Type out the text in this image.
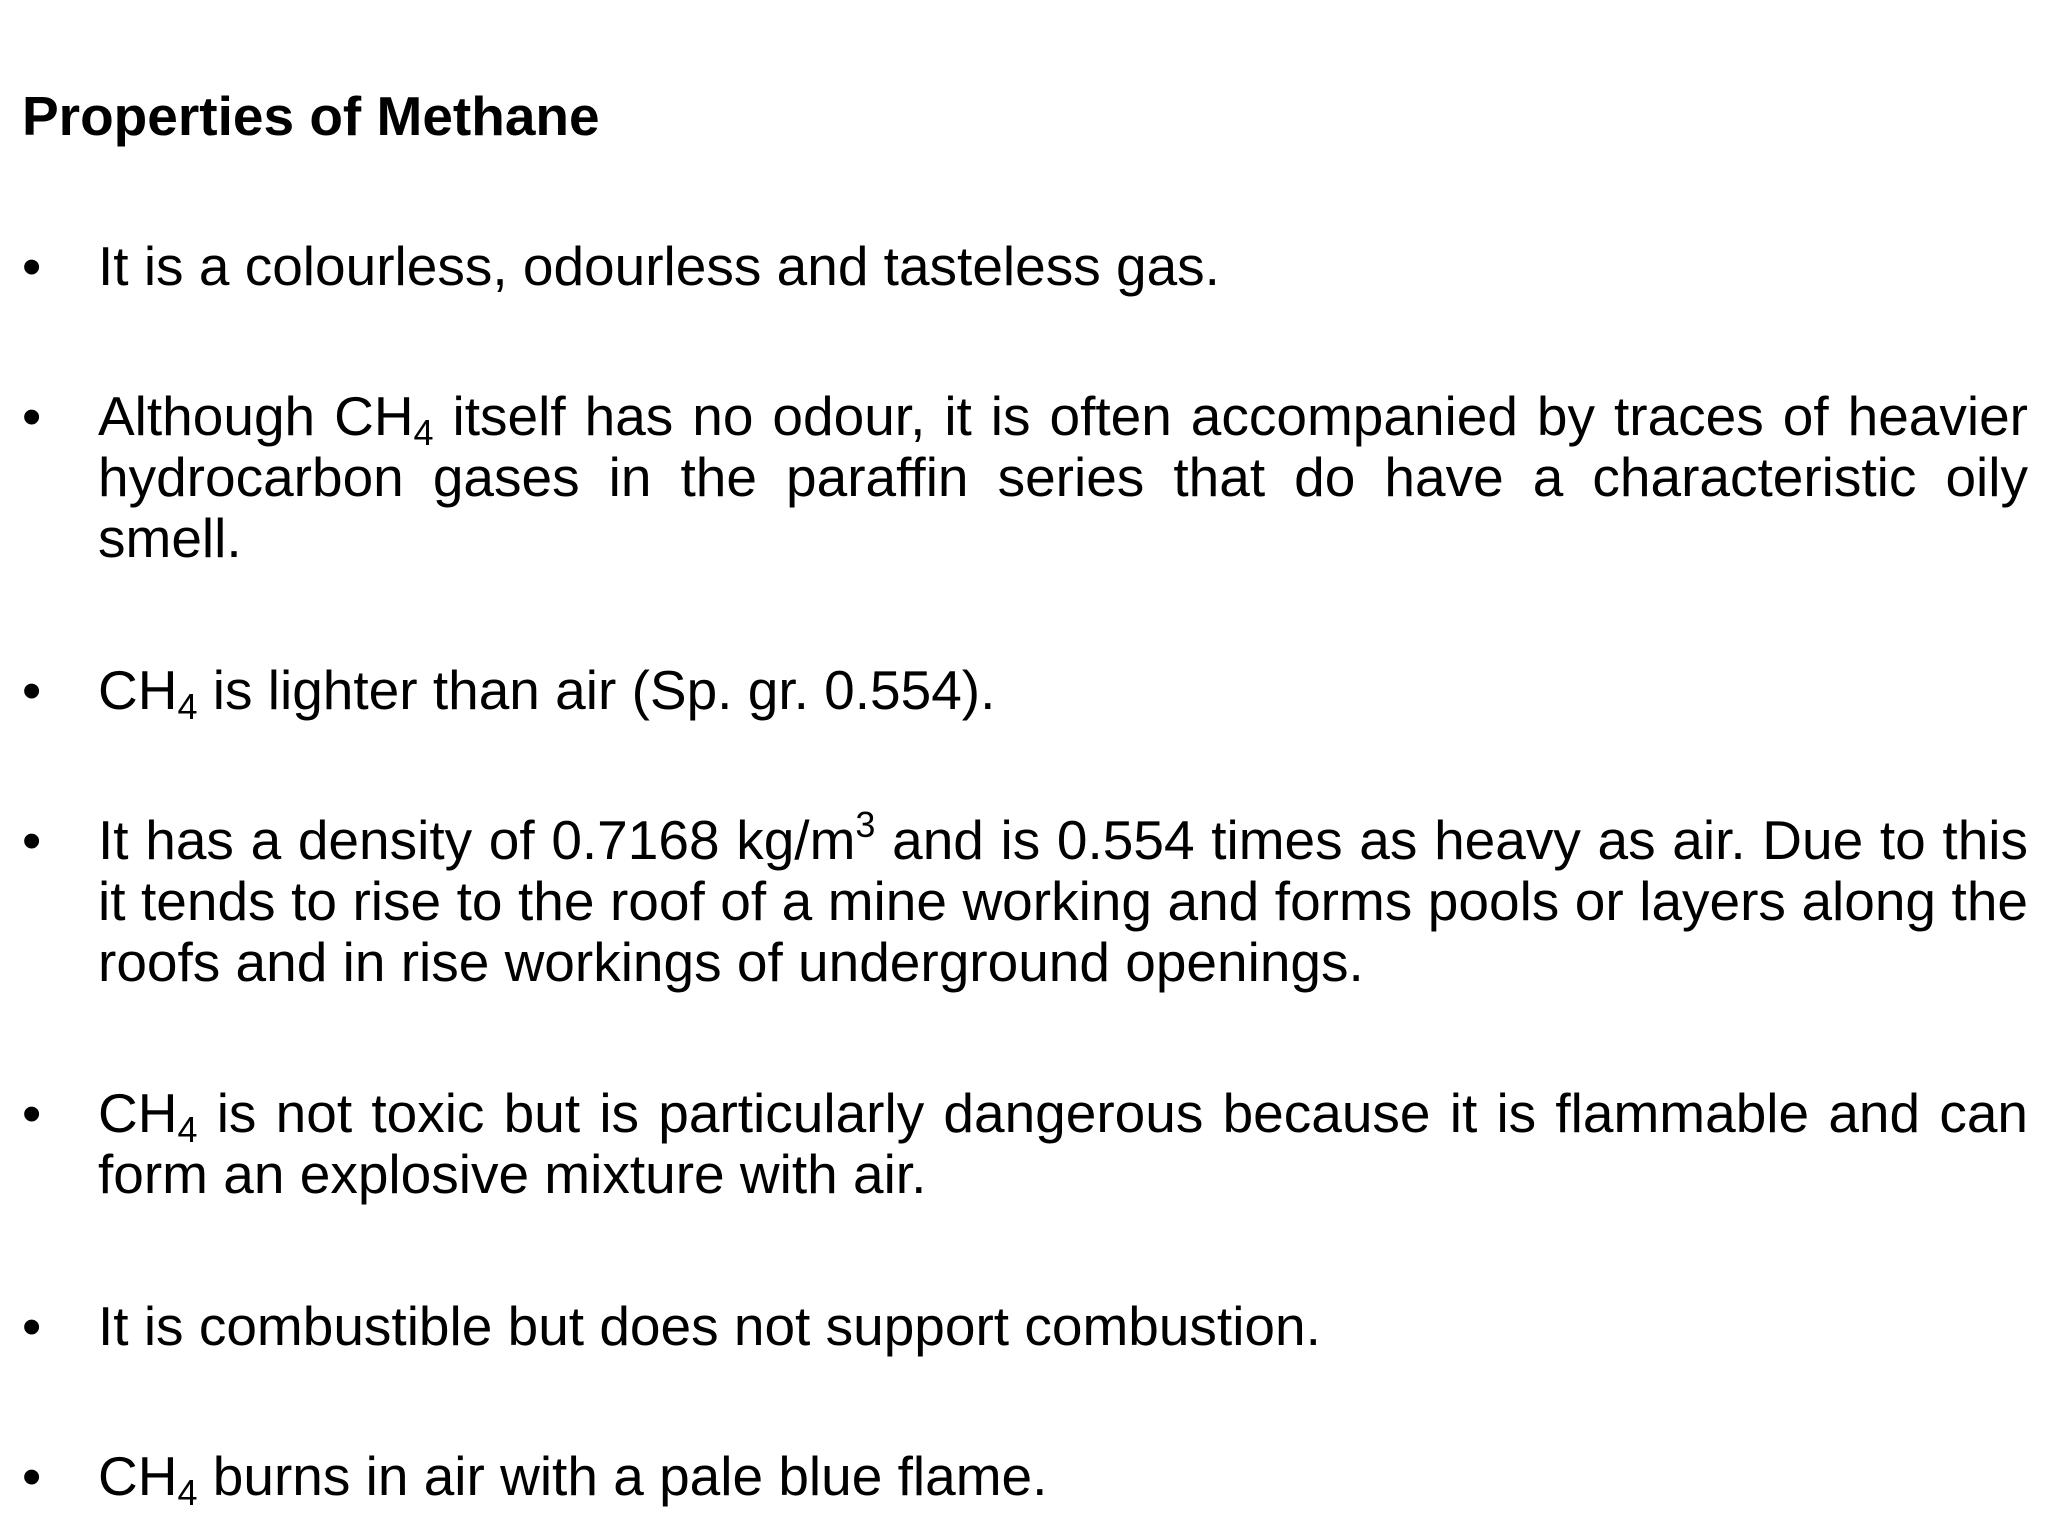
Properties of Methane
• It is a colourless, odourless and tasteless gas.

• Although $CH_4$ itself has no odour, it is often accompanied by traces of heavier hydrocarbon gases in the paraffin series that do have a characteristic oily smell.

• $CH_4$ is lighter than air (Sp. gr. 0.554).

• It has a density of 0.7168 $kg/m^3$ and is 0.554 times as heavy as air. Due to this it tends to rise to the roof of a mine working and forms pools or layers along the roofs and in rise workings of underground openings.

• $CH_4$ is not toxic but is particularly dangerous because it is flammable and can form an explosive mixture with air.

• It is combustible but does not support combustion.

• $CH_4$ burns in air with a pale blue flame.
